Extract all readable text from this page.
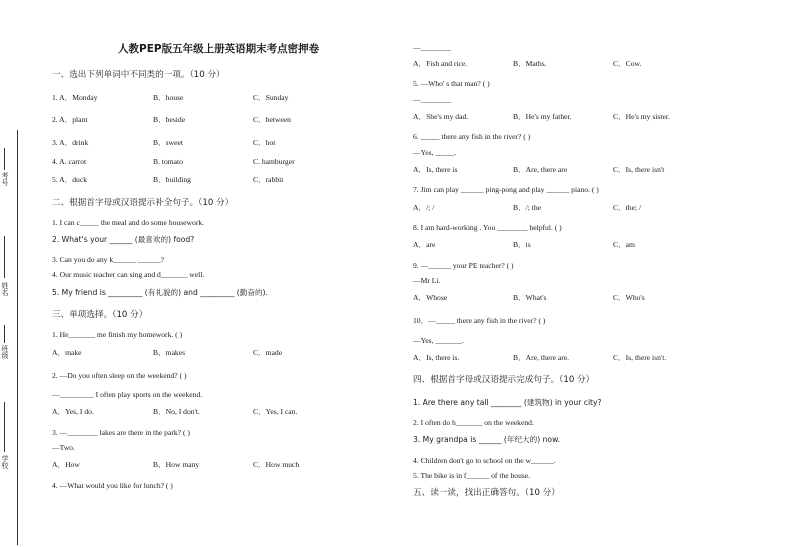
考号
姓名
班级
学校
人教PEP版五年级上册英语期末考点密押卷
一、选出下列单词中不同类的一项。（10 分）
1. A．Monday	B．house	C．Sunday
2. A．plant	B．beside	C．between
3. A．drink	B．sweet	C．hot
4. A. carrot	B. tomato	C. hamburger
5. A．duck	B．building	C．rabbit
二、根据首字母或汉语提示补全句子。（10 分）
1. I can c_____ the meal and do some housework.
2. What's your ______ (最喜欢的) food?
3. Can you do any k______ ______?
4. Our music teacher can sing and d_______ well.
5. My friend is _________ (有礼貌的) and _________ (勤奋的).
三、单项选择。（10 分）
1. He_______ me finish my homework. ( )
A．make	B．makes	C．made
2. —Do you often sleep on the weekend? ( )
—_________ I often play sports on the weekend.
A．Yes, I do.	B．No, I don't.	C．Yes, I can.
3. —________ lakes are there in the park? ( )
—Two.
A．How	B．How many	C．How much
4. —What would you like for lunch? ( )
—________
A．Fish and rice.	B．Maths.	C．Cow.
5. —Who' s that man? ( )
—________
A．She's my dad.	B．He's my father.	C．He's my sister.
6. _____ there any fish in the river? ( )
—Yes, _____.
A．Is, there is	B．Are, there are	C．Is, there isn't
7. Jim can play ______ ping-pong and play ______ piano. ( )
A．/; /	B．/; the	C．the; /
8. I am hard-working . You ________ helpful. ( )
A．are	B．is	C．am
9. —______ your PE teacher? ( )
—Mr Li.
A．Whose	B．What's	C．Who's
10．—_____ there any fish in the river? ( )
—Yes, _______.
A．Is, there is.	B．Are, there are.	C．Is, there isn't.
四、根据首字母或汉语提示完成句子。（10 分）
1. Are there any tall ________ (建筑物) in your city?
2. I often do h_______ on the weekend.
3. My grandpa is ______ (年纪大的) now.
4. Children don't go to school on the w______.
5. The bike is in f______ of the house.
五、读一读，找出正确答句。（10 分）
